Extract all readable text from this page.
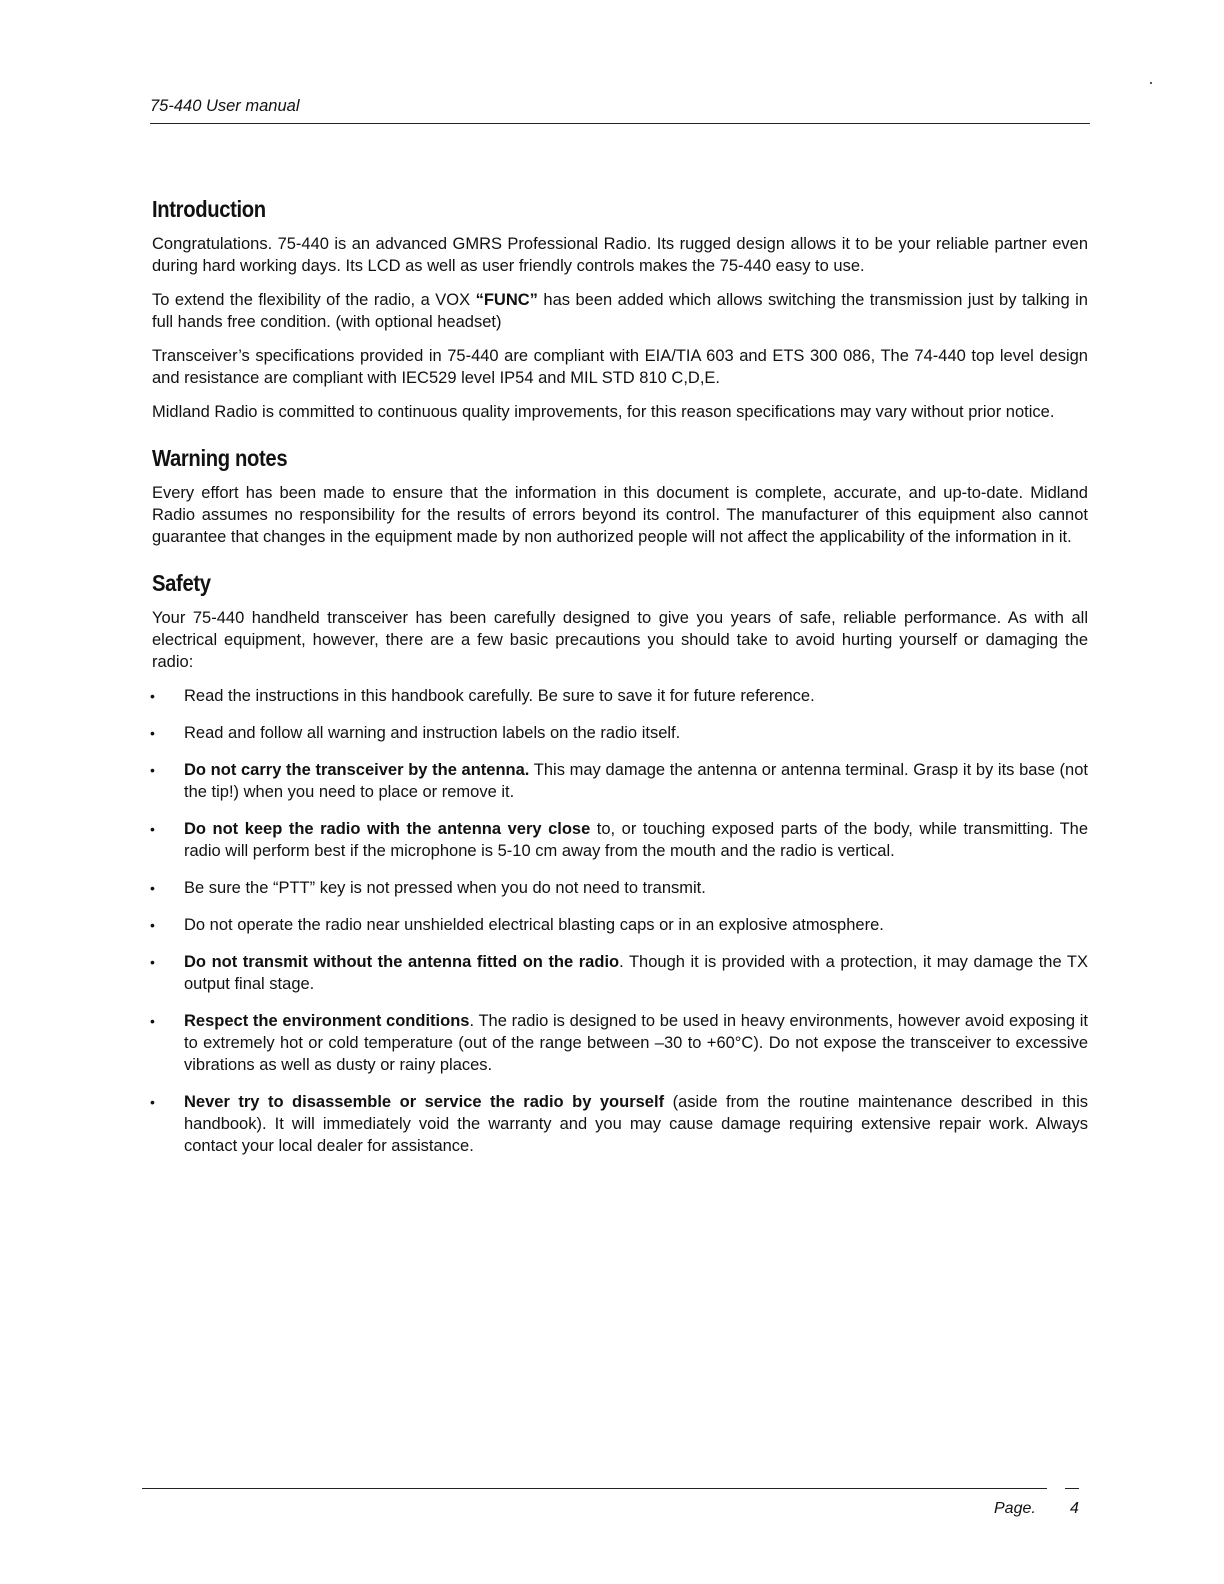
75-440 User manual
Introduction

Congratulations. 75-440 is an advanced GMRS Professional Radio. Its rugged design allows it to be your reliable partner even during hard working days. Its LCD as well as user friendly controls makes the 75-440 easy to use.

To extend the flexibility of the radio, a VOX “FUNC” has been added which allows switching the transmission just by talking in full hands free condition. (with optional headset)

Transceiver’s specifications provided in 75-440 are compliant with EIA/TIA 603 and ETS 300 086, The 74-440 top level design and resistance are compliant with IEC529 level IP54 and MIL STD 810 C,D,E.

Midland Radio is committed to continuous quality improvements, for this reason specifications may vary without prior notice.

Warning notes

Every effort has been made to ensure that the information in this document is complete, accurate, and up-to-date. Midland Radio assumes no responsibility for the results of errors beyond its control. The manufacturer of this equipment also cannot guarantee that changes in the equipment made by non authorized people will not affect the applicability of the information in it.

Safety

Your 75-440 handheld transceiver has been carefully designed to give you years of safe, reliable performance. As with all electrical equipment, however, there are a few basic precautions you should take to avoid hurting yourself or damaging the radio:

• Read the instructions in this handbook carefully. Be sure to save it for future reference.
• Read and follow all warning and instruction labels on the radio itself.
• Do not carry the transceiver by the antenna. This may damage the antenna or antenna terminal. Grasp it by its base (not the tip!) when you need to place or remove it.
• Do not keep the radio with the antenna very close to, or touching exposed parts of the body, while transmitting. The radio will perform best if the microphone is 5-10 cm away from the mouth and the radio is vertical.
• Be sure the “PTT” key is not pressed when you do not need to transmit.
• Do not operate the radio near unshielded electrical blasting caps or in an explosive atmosphere.
• Do not transmit without the antenna fitted on the radio. Though it is provided with a protection, it may damage the TX output final stage.
• Respect the environment conditions. The radio is designed to be used in heavy environments, however avoid exposing it to extremely hot or cold temperature (out of the range between –30 to +60°C). Do not expose the transceiver to excessive vibrations as well as dusty or rainy places.
• Never try to disassemble or service the radio by yourself (aside from the routine maintenance described in this handbook). It will immediately void the warranty and you may cause damage requiring extensive repair work. Always contact your local dealer for assistance.
Page. 4
